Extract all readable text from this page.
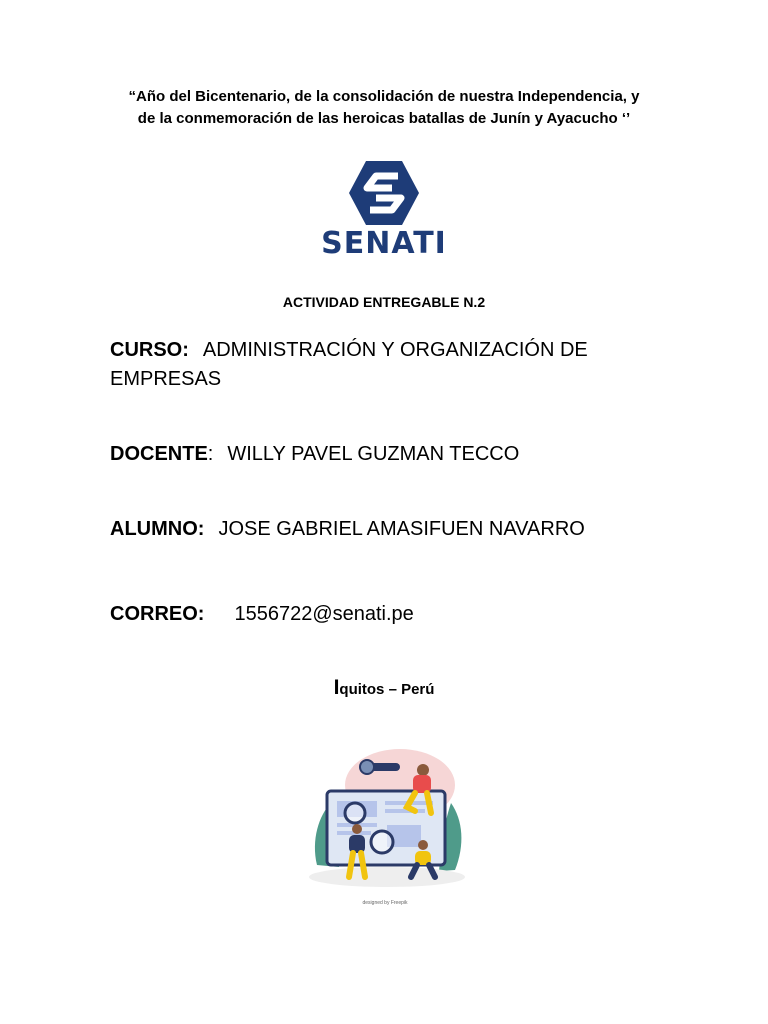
“Año del Bicentenario, de la consolidación de nuestra Independencia, y
de la conmemoración de las heroicas batallas de Junín y Ayacucho ‘’
SENATI
ACTIVIDAD ENTREGABLE N.2
CURSO: ADMINISTRACIÓN Y ORGANIZACIÓN DE EMPRESAS
DOCENTE: WILLY PAVEL GUZMAN TECCO
ALUMNO: JOSE GABRIEL AMASIFUEN NAVARRO
CORREO: 1556722@senati.pe
Iquitos – Perú
designed by Freepik
